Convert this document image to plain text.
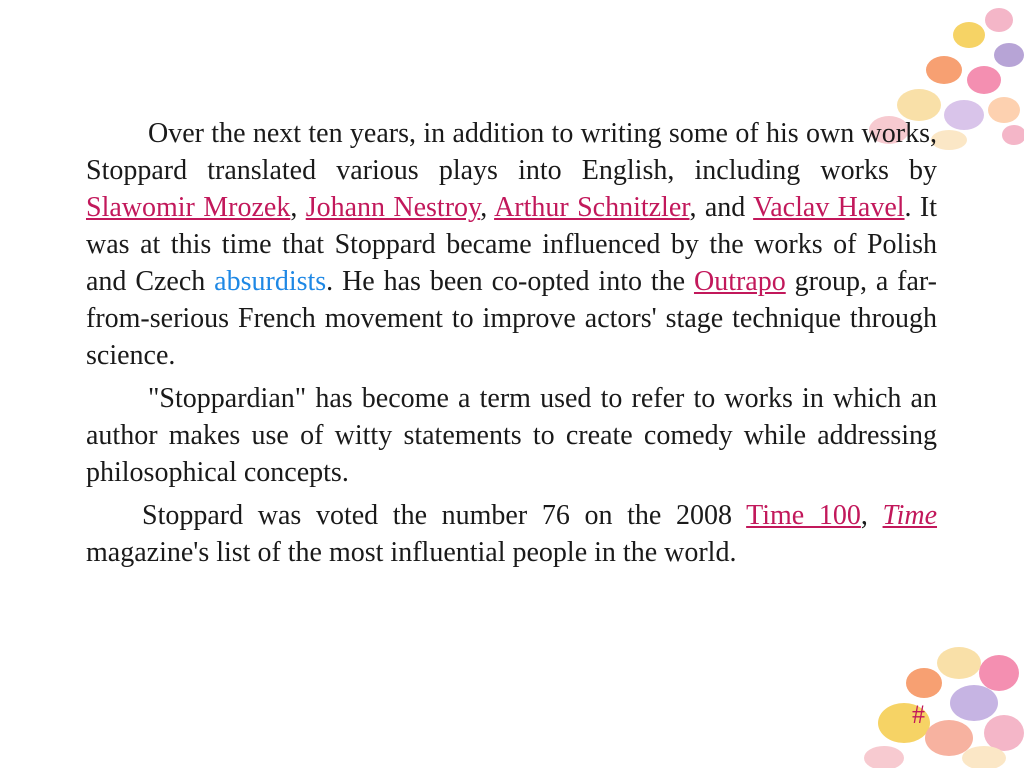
Over the next ten years, in addition to writing some of his own works, Stoppard translated various plays into English, including works by Slawomir Mrozek, Johann Nestroy, Arthur Schnitzler, and Vaclav Havel. It was at this time that Stoppard became influenced by the works of Polish and Czech absurdists. He has been co-opted into the Outrapo group, a far-from-serious French movement to improve actors' stage technique through science.

"Stoppardian" has become a term used to refer to works in which an author makes use of witty statements to create comedy while addressing philosophical concepts.

Stoppard was voted the number 76 on the 2008 Time 100, Time magazine's list of the most influential people in the world.

#
